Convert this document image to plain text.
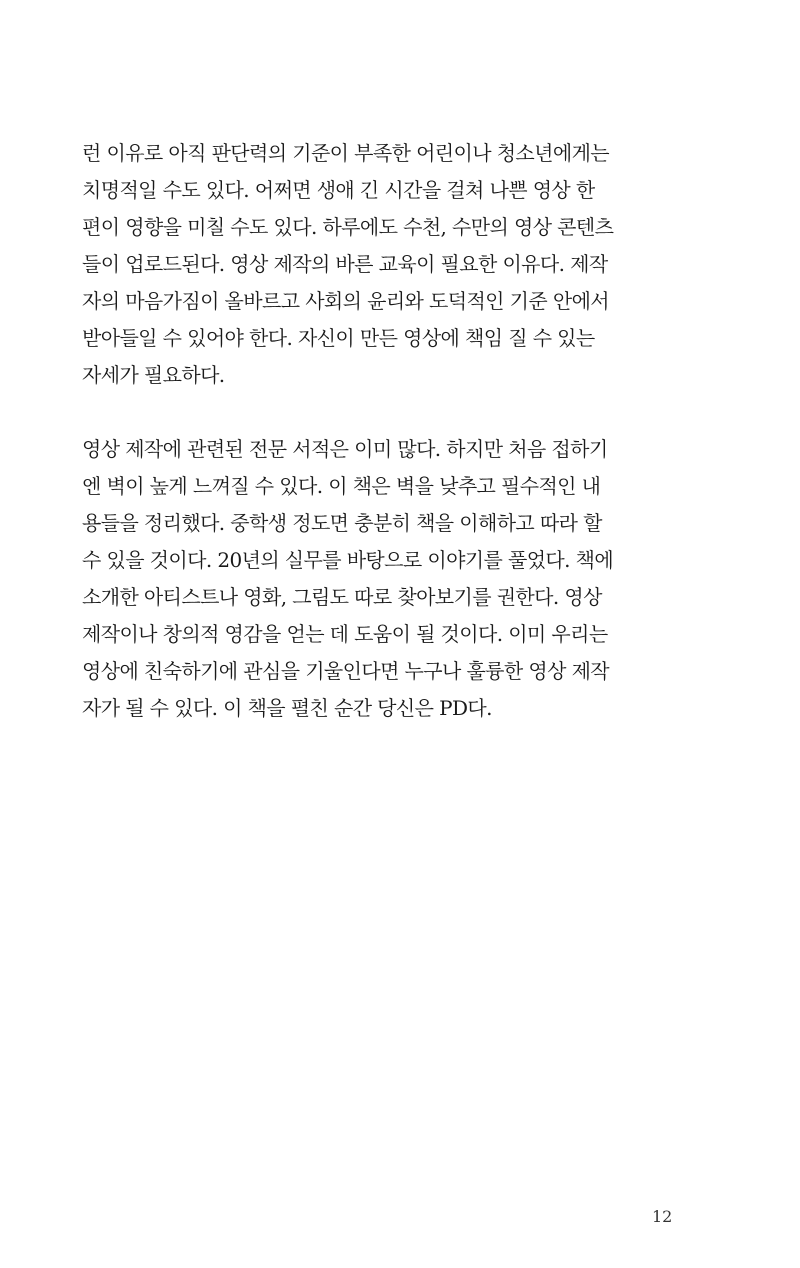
런 이유로 아직 판단력의 기준이 부족한 어린이나 청소년에게는
치명적일 수도 있다. 어쩌면 생애 긴 시간을 걸쳐 나쁜 영상 한
편이 영향을 미칠 수도 있다. 하루에도 수천, 수만의 영상 콘텐츠
들이 업로드된다. 영상 제작의 바른 교육이 필요한 이유다. 제작
자의 마음가짐이 올바르고 사회의 윤리와 도덕적인 기준 안에서
받아들일 수 있어야 한다. 자신이 만든 영상에 책임 질 수 있는
자세가 필요하다.
영상 제작에 관련된 전문 서적은 이미 많다. 하지만 처음 접하기
엔 벽이 높게 느껴질 수 있다. 이 책은 벽을 낮추고 필수적인 내
용들을 정리했다. 중학생 정도면 충분히 책을 이해하고 따라 할
수 있을 것이다. 20년의 실무를 바탕으로 이야기를 풀었다. 책에
소개한 아티스트나 영화, 그림도 따로 찾아보기를 권한다. 영상
제작이나 창의적 영감을 얻는 데 도움이 될 것이다. 이미 우리는
영상에 친숙하기에 관심을 기울인다면 누구나 훌륭한 영상 제작
자가 될 수 있다. 이 책을 펼친 순간 당신은 PD다.
12
